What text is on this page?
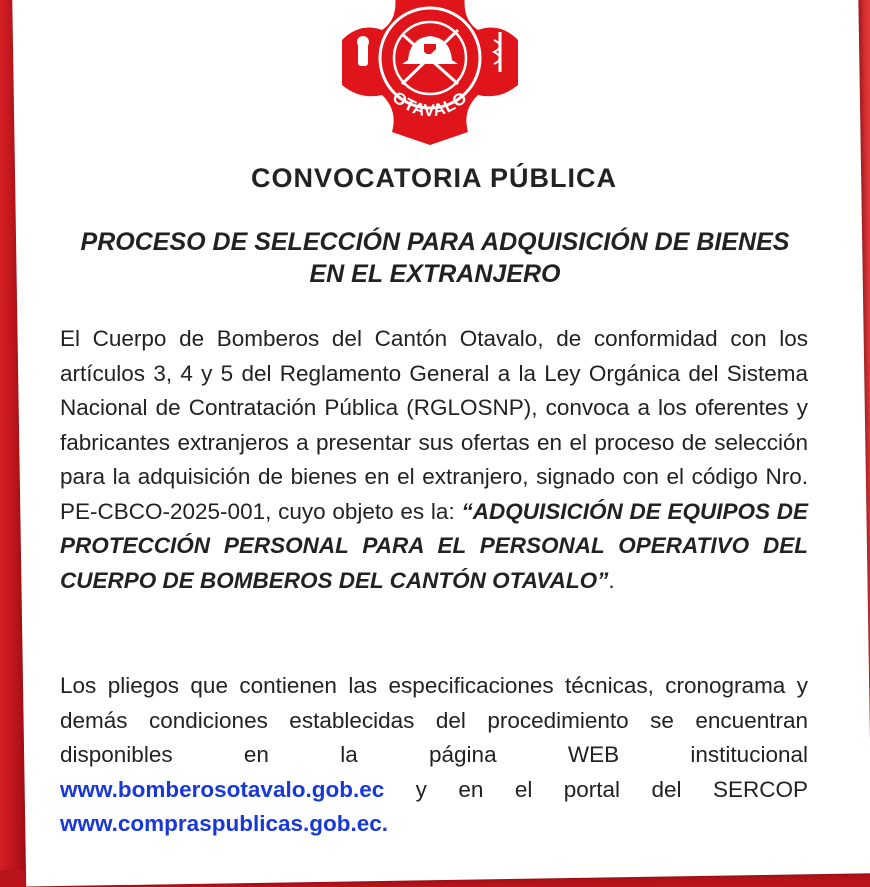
OTAVALO
CONVOCATORIA PÚBLICA
PROCESO DE SELECCIÓN PARA ADQUISICIÓN DE BIENES EN EL EXTRANJERO
El Cuerpo de Bomberos del Cantón Otavalo, de conformidad con los artículos 3, 4 y 5 del Reglamento General a la Ley Orgánica del Sistema Nacional de Contratación Pública (RGLOSNP), convoca a los oferentes y fabricantes extranjeros a presentar sus ofertas en el proceso de selección para la adquisición de bienes en el extranjero, signado con el código Nro. PE-CBCO-2025-001, cuyo objeto es la: “ADQUISICIÓN DE EQUIPOS DE PROTECCIÓN PERSONAL PARA EL PERSONAL OPERATIVO DEL CUERPO DE BOMBEROS DEL CANTÓN OTAVALO”.
Los pliegos que contienen las especificaciones técnicas, cronograma y demás condiciones establecidas del procedimiento se encuentran disponibles en la página WEB institucional www.bomberosotavalo.gob.ec y en el portal del SERCOP www.compraspublicas.gob.ec.
